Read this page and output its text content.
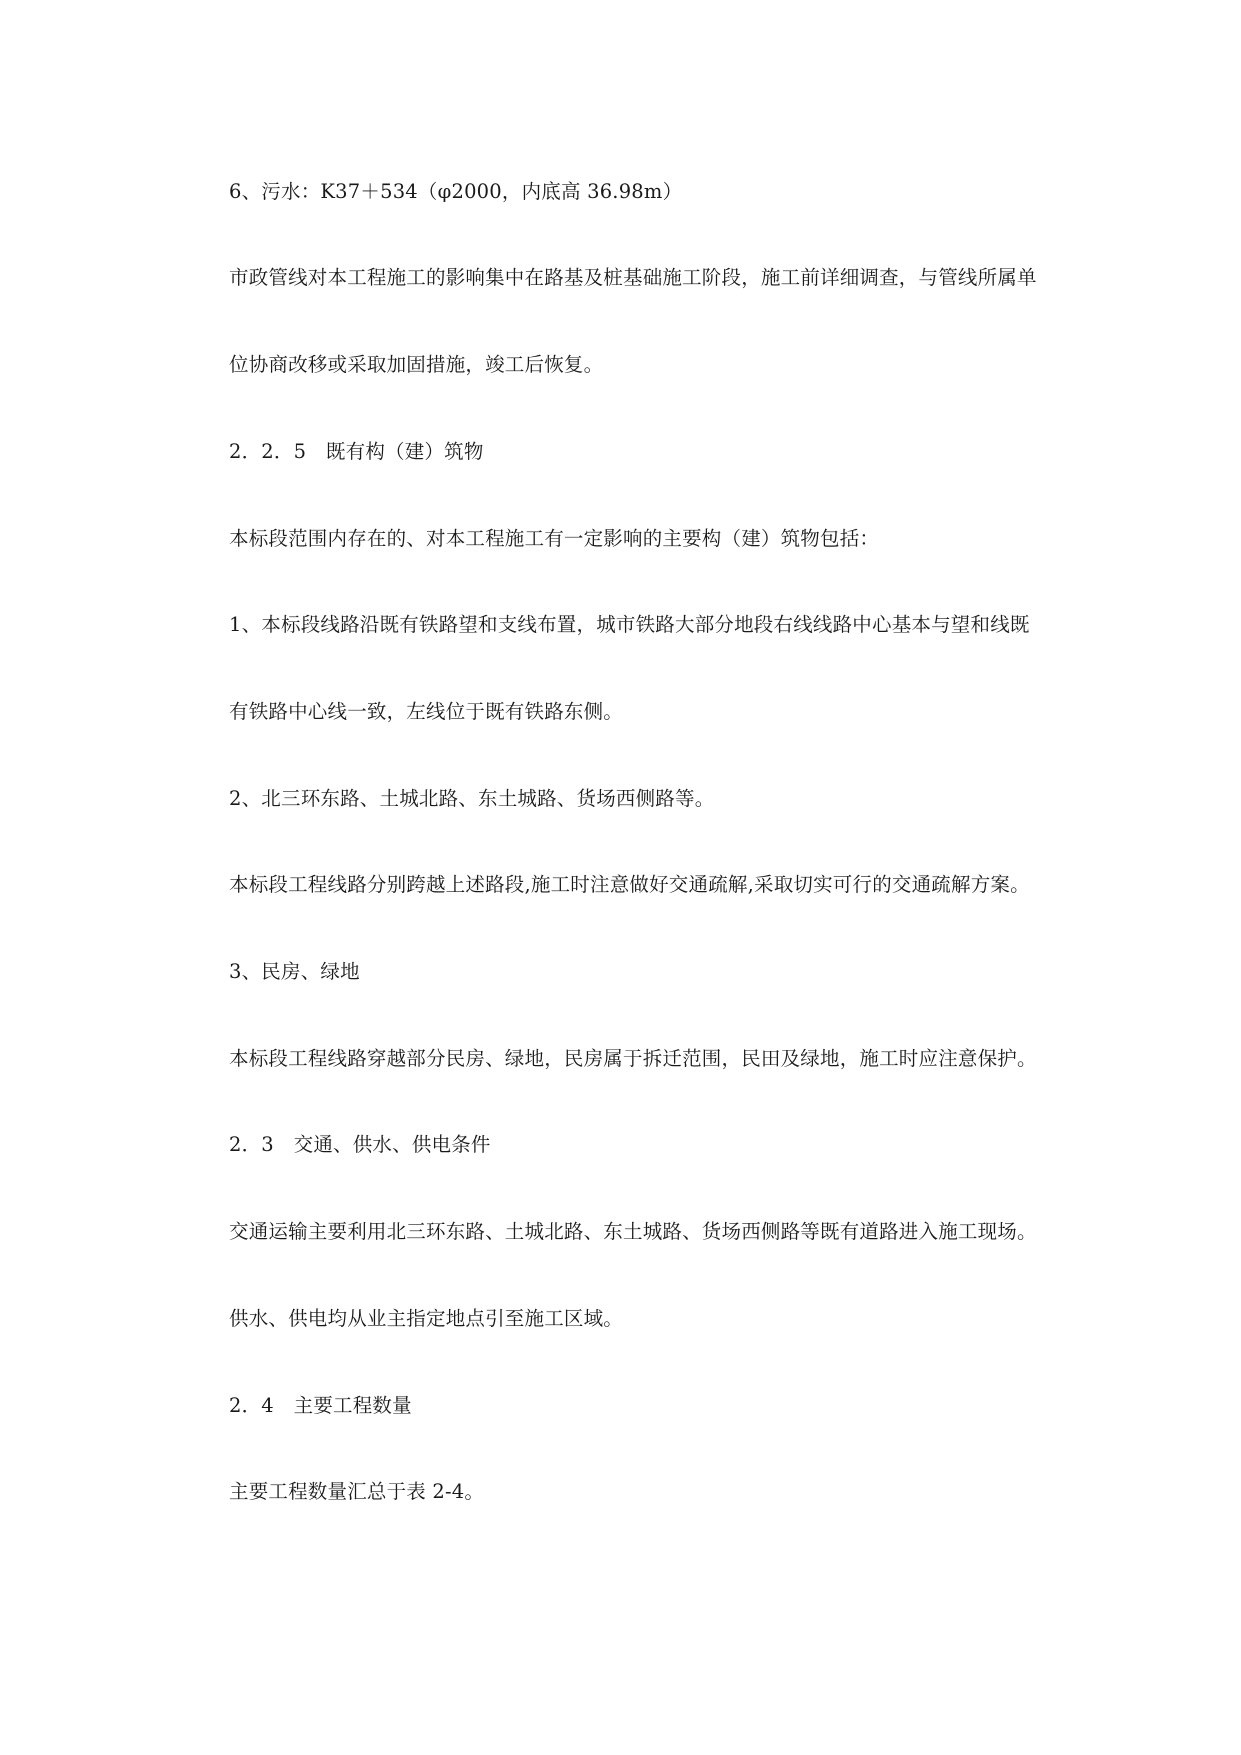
6、污水：K37＋534（φ2000，内底高 36.98m）
市政管线对本工程施工的影响集中在路基及桩基础施工阶段，施工前详细调查，与管线所属单
位协商改移或采取加固措施，竣工后恢复。
2．2．5　既有构（建）筑物
本标段范围内存在的、对本工程施工有一定影响的主要构（建）筑物包括：
1、本标段线路沿既有铁路望和支线布置，城市铁路大部分地段右线线路中心基本与望和线既
有铁路中心线一致，左线位于既有铁路东侧。
2、北三环东路、土城北路、东土城路、货场西侧路等。
本标段工程线路分别跨越上述路段,施工时注意做好交通疏解,采取切实可行的交通疏解方案。
3、民房、绿地
本标段工程线路穿越部分民房、绿地，民房属于拆迁范围，民田及绿地，施工时应注意保护。
2．3　交通、供水、供电条件
交通运输主要利用北三环东路、土城北路、东土城路、货场西侧路等既有道路进入施工现场。
供水、供电均从业主指定地点引至施工区域。
2．4　主要工程数量
主要工程数量汇总于表 2-4。
